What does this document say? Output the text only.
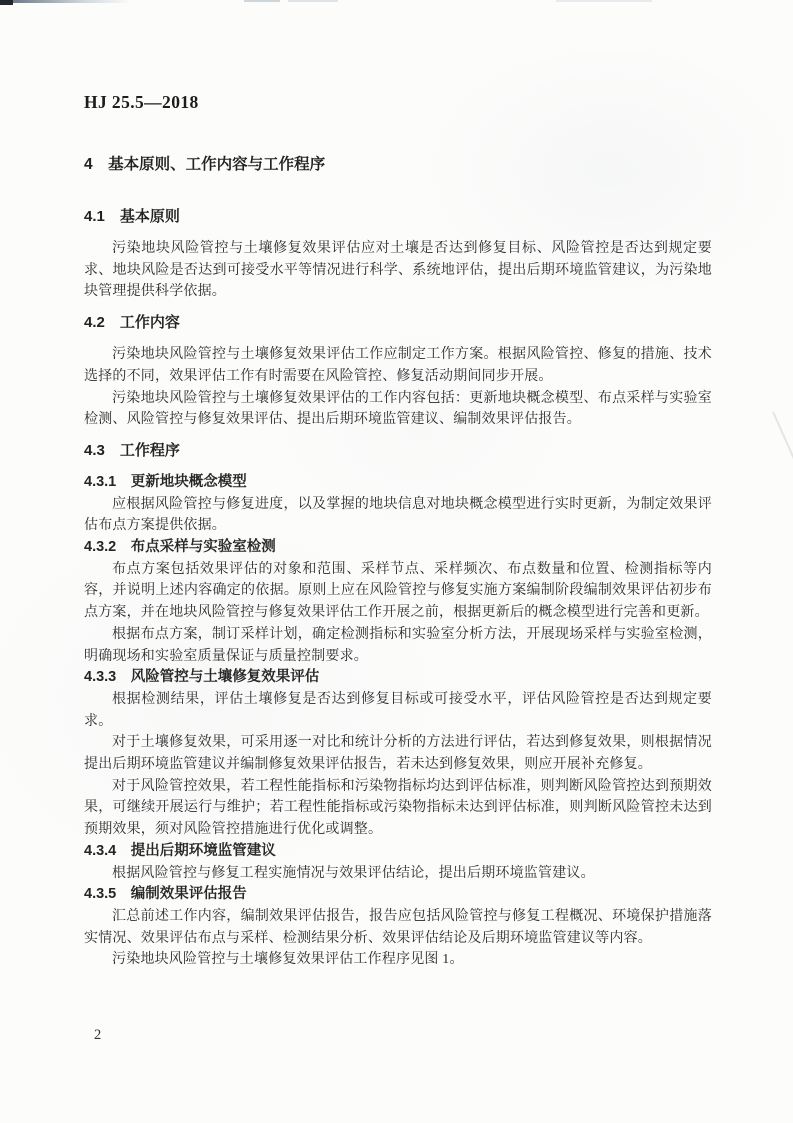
HJ 25.5—2018
4　基本原则、工作内容与工作程序
4.1　基本原则

污染地块风险管控与土壤修复效果评估应对土壤是否达到修复目标、风险管控是否达到规定要求、地块风险是否达到可接受水平等情况进行科学、系统地评估，提出后期环境监管建议，为污染地块管理提供科学依据。

4.2　工作内容

污染地块风险管控与土壤修复效果评估工作应制定工作方案。根据风险管控、修复的措施、技术选择的不同，效果评估工作有时需要在风险管控、修复活动期间同步开展。

污染地块风险管控与土壤修复效果评估的工作内容包括：更新地块概念模型、布点采样与实验室检测、风险管控与修复效果评估、提出后期环境监管建议、编制效果评估报告。

4.3　工作程序
4.3.1　更新地块概念模型

应根据风险管控与修复进度，以及掌握的地块信息对地块概念模型进行实时更新，为制定效果评估布点方案提供依据。

4.3.2　布点采样与实验室检测

布点方案包括效果评估的对象和范围、采样节点、采样频次、布点数量和位置、检测指标等内容，并说明上述内容确定的依据。原则上应在风险管控与修复实施方案编制阶段编制效果评估初步布点方案，并在地块风险管控与修复效果评估工作开展之前，根据更新后的概念模型进行完善和更新。

根据布点方案，制订采样计划，确定检测指标和实验室分析方法，开展现场采样与实验室检测，明确现场和实验室质量保证与质量控制要求。

4.3.3　风险管控与土壤修复效果评估

根据检测结果，评估土壤修复是否达到修复目标或可接受水平，评估风险管控是否达到规定要求。

对于土壤修复效果，可采用逐一对比和统计分析的方法进行评估，若达到修复效果，则根据情况提出后期环境监管建议并编制修复效果评估报告，若未达到修复效果，则应开展补充修复。

对于风险管控效果，若工程性能指标和污染物指标均达到评估标准，则判断风险管控达到预期效果，可继续开展运行与维护；若工程性能指标或污染物指标未达到评估标准，则判断风险管控未达到预期效果，须对风险管控措施进行优化或调整。

4.3.4　提出后期环境监管建议

根据风险管控与修复工程实施情况与效果评估结论，提出后期环境监管建议。

4.3.5　编制效果评估报告

汇总前述工作内容，编制效果评估报告，报告应包括风险管控与修复工程概况、环境保护措施落实情况、效果评估布点与采样、检测结果分析、效果评估结论及后期环境监管建议等内容。

污染地块风险管控与土壤修复效果评估工作程序见图 1。

2
